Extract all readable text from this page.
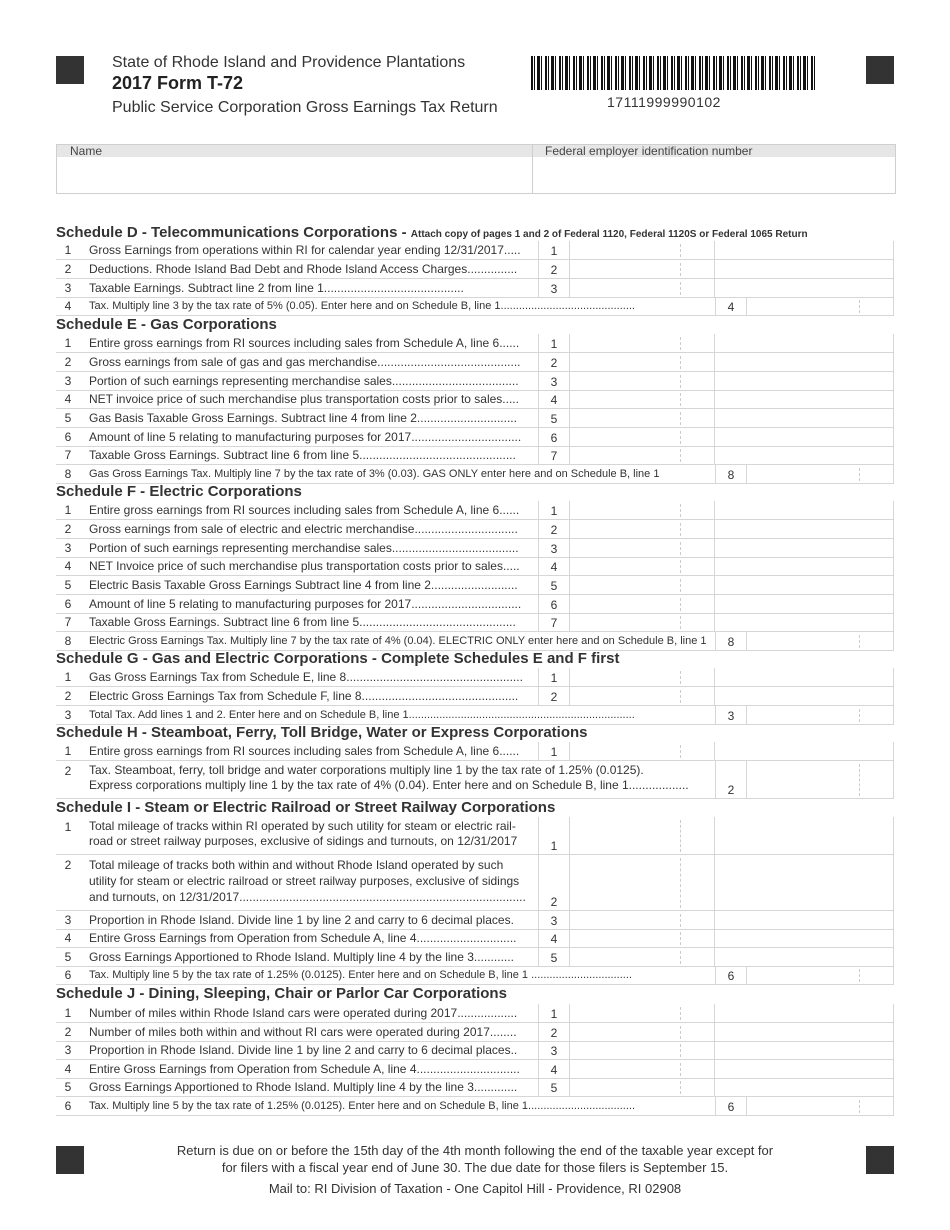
State of Rhode Island and Providence Plantations
2017 Form T-72
Public Service Corporation Gross Earnings Tax Return	17111999990102
Name	Federal employer identification number
Schedule D - Telecommunications Corporations - Attach copy of pages 1 and 2 of Federal 1120, Federal 1120S or Federal 1065 Return
1	Gross Earnings from operations within RI for calendar year ending 12/31/2017.....	1
2	Deductions. Rhode Island Bad Debt and Rhode Island Access Charges...............	2
3	Taxable Earnings. Subtract line 2 from line 1..........................................	3
4	Tax. Multiply line 3 by the tax rate of 5% (0.05). Enter here and on Schedule B, line 1............................................	4
Schedule E - Gas Corporations
1	Entire gross earnings from RI sources including sales from Schedule A, line 6......	1
2	Gross earnings from sale of gas and gas merchandise...........................................	2
3	Portion of such earnings representing merchandise sales......................................	3
4	NET invoice price of such merchandise plus transportation costs prior to sales.....	4
5	Gas Basis Taxable Gross Earnings. Subtract line 4 from line 2..............................	5
6	Amount of line 5 relating to manufacturing purposes for 2017.................................	6
7	Taxable Gross Earnings. Subtract line 6 from line 5...............................................	7
8	Gas Gross Earnings Tax. Multiply line 7 by the tax rate of 3% (0.03). GAS ONLY enter here and on Schedule B, line 1	8
Schedule F - Electric Corporations
1	Entire gross earnings from RI sources including sales from Schedule A, line 6......	1
2	Gross earnings from sale of electric and electric merchandise...............................	2
3	Portion of such earnings representing merchandise sales......................................	3
4	NET Invoice price of such merchandise plus transportation costs prior to sales.....	4
5	Electric Basis Taxable Gross Earnings Subtract line 4 from line 2..........................	5
6	Amount of line 5 relating to manufacturing purposes for 2017.................................	6
7	Taxable Gross Earnings. Subtract line 6 from line 5...............................................	7
8	Electric Gross Earnings Tax. Multiply line 7 by the tax rate of 4% (0.04). ELECTRIC ONLY enter here and on Schedule B, line 1	8
Schedule G - Gas and Electric Corporations - Complete Schedules E and F first
1	Gas Gross Earnings Tax from Schedule E, line 8.....................................................	1
2	Electric Gross Earnings Tax from Schedule F, line 8...............................................	2
3	Total Tax. Add lines 1 and 2. Enter here and on Schedule B, line 1..........................................................................	3
Schedule H - Steamboat, Ferry, Toll Bridge, Water or Express Corporations
1	Entire gross earnings from RI sources including sales from Schedule A, line 6......	1
2	Tax. Steamboat, ferry, toll bridge and water corporations multiply line 1 by the tax rate of 1.25% (0.0125).
Express corporations multiply line 1 by the tax rate of 4% (0.04). Enter here and on Schedule B, line 1..................	2
Schedule I - Steam or Electric Railroad or Street Railway Corporations
1	Total mileage of tracks within RI operated by such utility for steam or electric rail-
road or street railway purposes, exclusive of sidings and turnouts, on 12/31/2017	1
2	Total mileage of tracks both within and without Rhode Island operated by such
utility for steam or electric railroad or street railway purposes, exclusive of sidings
and turnouts, on 12/31/2017......................................................................................	2
3	Proportion in Rhode Island. Divide line 1 by line 2 and carry to 6 decimal places.	3
4	Entire Gross Earnings from Operation from Schedule A, line 4..............................	4
5	Gross Earnings Apportioned to Rhode Island. Multiply line 4 by the line 3............	5
6	Tax. Multiply line 5 by the tax rate of 1.25% (0.0125). Enter here and on Schedule B, line 1 .................................	6
Schedule J - Dining, Sleeping, Chair or Parlor Car Corporations
1	Number of miles within Rhode Island cars were operated during 2017..................	1
2	Number of miles both within and without RI cars were operated during 2017........	2
3	Proportion in Rhode Island. Divide line 1 by line 2 and carry to 6 decimal places..	3
4	Entire Gross Earnings from Operation from Schedule A, line 4...............................	4
5	Gross Earnings Apportioned to Rhode Island. Multiply line 4 by the line 3.............	5
6	Tax. Multiply line 5 by the tax rate of 1.25% (0.0125). Enter here and on Schedule B, line 1...................................	6
Return is due on or before the 15th day of the 4th month following the end of the taxable year except for
for filers with a fiscal year end of June 30. The due date for those filers is September 15.
Mail to: RI Division of Taxation - One Capitol Hill - Providence, RI 02908
